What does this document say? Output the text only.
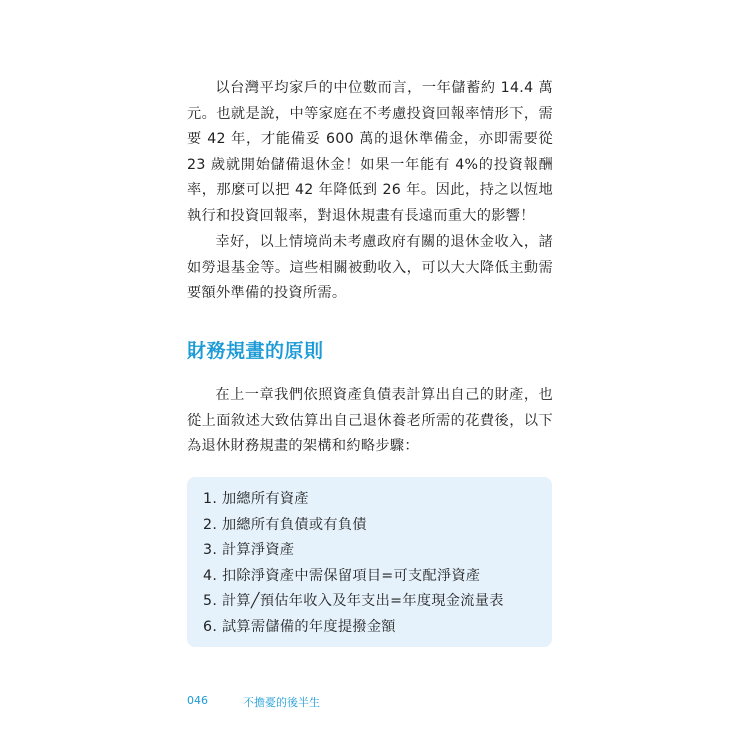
以台灣平均家戶的中位數而言，一年儲蓄約 14.4 萬元。也就是說，中等家庭在不考慮投資回報率情形下，需要 42 年，才能備妥 600 萬的退休準備金，亦即需要從 23 歲就開始儲備退休金！如果一年能有 4%的投資報酬率，那麼可以把 42 年降低到 26 年。因此，持之以恆地執行和投資回報率，對退休規畫有長遠而重大的影響！

幸好，以上情境尚未考慮政府有關的退休金收入，諸如勞退基金等。這些相關被動收入，可以大大降低主動需要額外準備的投資所需。

財務規畫的原則

在上一章我們依照資產負債表計算出自己的財產，也從上面敘述大致估算出自己退休養老所需的花費後，以下為退休財務規畫的架構和約略步驟：

1. 加總所有資產
2. 加總所有負債或有負債
3. 計算淨資產
4. 扣除淨資產中需保留項目=可支配淨資產
5. 計算╱預估年收入及年支出=年度現金流量表
6. 試算需儲備的年度提撥金額
046	不擔憂的後半生
